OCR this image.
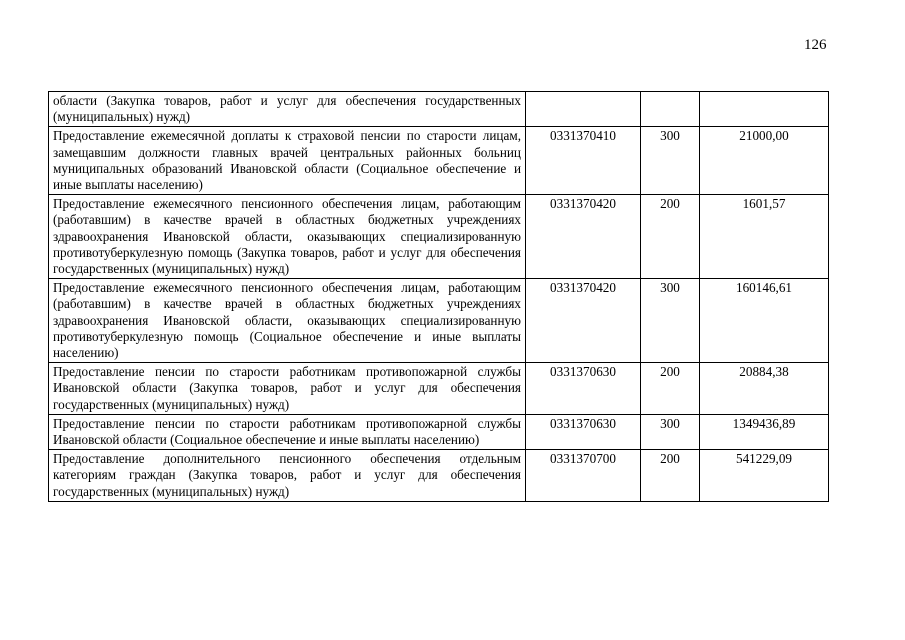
126
области (Закупка товаров, работ и услуг для обеспечения государственных (муниципальных) нужд)			
Предоставление ежемесячной доплаты к страховой пенсии по старости лицам, замещавшим должности главных врачей центральных районных больниц муниципальных образований Ивановской области (Социальное обеспечение и иные выплаты населению)	0331370410	300	21000,00
Предоставление ежемесячного пенсионного обеспечения лицам, работающим (работавшим) в качестве врачей в областных бюджетных учреждениях здравоохранения Ивановской области, оказывающих специализированную противотуберкулезную помощь (Закупка товаров, работ и услуг для обеспечения государственных (муниципальных) нужд)	0331370420	200	1601,57
Предоставление ежемесячного пенсионного обеспечения лицам, работающим (работавшим) в качестве врачей в областных бюджетных учреждениях здравоохранения Ивановской области, оказывающих специализированную противотуберкулезную помощь (Социальное обеспечение и иные выплаты населению)	0331370420	300	160146,61
Предоставление пенсии по старости работникам противопожарной службы Ивановской области (Закупка товаров, работ и услуг для обеспечения государственных (муниципальных) нужд)	0331370630	200	20884,38
Предоставление пенсии по старости работникам противопожарной службы Ивановской области (Социальное обеспечение и иные выплаты населению)	0331370630	300	1349436,89
Предоставление дополнительного пенсионного обеспечения отдельным категориям граждан (Закупка товаров, работ и услуг для обеспечения государственных (муниципальных) нужд)	0331370700	200	541229,09
